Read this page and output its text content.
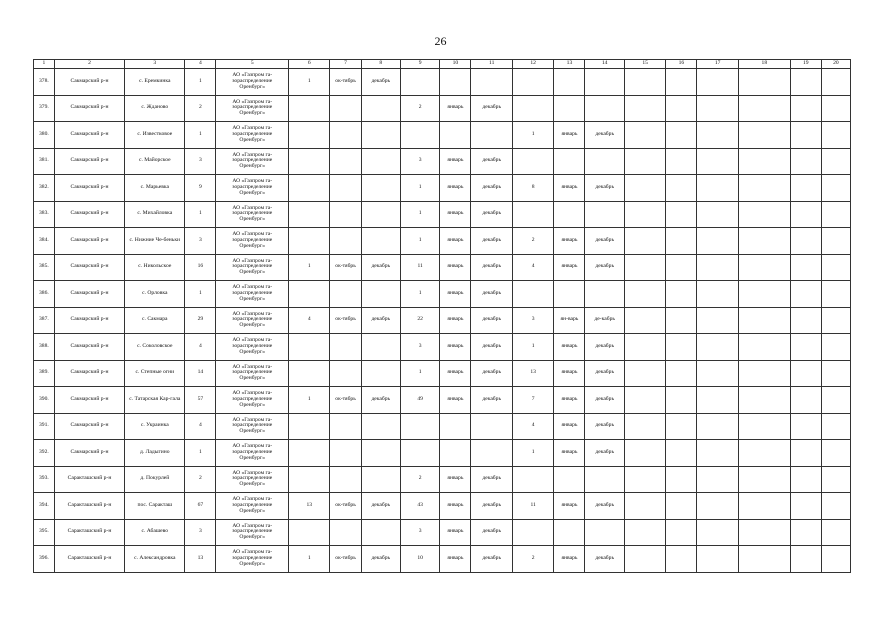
26
1	2	3	4	5	6	7	8	9	10	11	12	13	14	15	16	17	18	19	20
378.	Сакмарский р-н	с. Еремкинка	1	АО «Газпром га-
зораспределение
Оренбург»	1	ок-тябрь	декабрь												
379.	Сакмарский р-н	с. Жданово	2	АО «Газпром га-
зораспределение
Оренбург»				2	январь	декабрь									
380.	Сакмарский р-н	с. Известковое	1	АО «Газпром га-
зораспределение
Оренбург»							1	январь	декабрь						
381.	Сакмарский р-н	с. Майорское	3	АО «Газпром га-
зораспределение
Оренбург»				3	январь	декабрь									
382.	Сакмарский р-н	с. Марьевка	9	АО «Газпром га-
зораспределение
Оренбург»				1	январь	декабрь	8	январь	декабрь						
383.	Сакмарский р-н	с. Михайловка	1	АО «Газпром га-
зораспределение
Оренбург»				1	январь	декабрь									
384.	Сакмарский р-н	с. Нижние Че-беньки	3	АО «Газпром га-
зораспределение
Оренбург»				1	январь	декабрь	2	январь	декабрь						
385.	Сакмарский р-н	с. Никольское	16	АО «Газпром га-
зораспределение
Оренбург»	1	ок-тябрь	декабрь	11	январь	декабрь	4	январь	декабрь						
386.	Сакмарский р-н	с. Орловка	1	АО «Газпром га-
зораспределение
Оренбург»				1	январь	декабрь									
387.	Сакмарский р-н	с. Сакмара	29	АО «Газпром га-
зораспределение
Оренбург»	4	ок-тябрь	декабрь	22	январь	декабрь	3	ян-варь	де-кабрь						
388.	Сакмарский р-н	с. Соколовское	4	АО «Газпром га-
зораспределение
Оренбург»				3	январь	декабрь	1	январь	декабрь						
389.	Сакмарский р-н	с. Степные огни	14	АО «Газпром га-
зораспределение
Оренбург»				1	январь	декабрь	13	январь	декабрь						
390.	Сакмарский р-н	с. Татарская Кар-гала	57	АО «Газпром га-
зораспределение
Оренбург»	1	ок-тябрь	декабрь	49	январь	декабрь	7	январь	декабрь						
391.	Сакмарский р-н	с. Украинка	4	АО «Газпром га-
зораспределение
Оренбург»							4	январь	декабрь						
392.	Сакмарский р-н	д. Ладыгино	1	АО «Газпром га-
зораспределение
Оренбург»							1	январь	декабрь						
393.	Саракташский р-н	д. Покурлей	2	АО «Газпром га-
зораспределение
Оренбург»				2	январь	декабрь									
394.	Саракташский р-н	пос. Саракташ	67	АО «Газпром га-
зораспределение
Оренбург»	13	ок-тябрь	декабрь	43	январь	декабрь	11	январь	декабрь						
395.	Саракташский р-н	с. Абашево	3	АО «Газпром га-
зораспределение
Оренбург»				3	январь	декабрь									
396.	Саракташский р-н	с. Александровка	13	АО «Газпром га-
зораспределение
Оренбург»	1	ок-тябрь	декабрь	10	январь	декабрь	2	январь	декабрь						
